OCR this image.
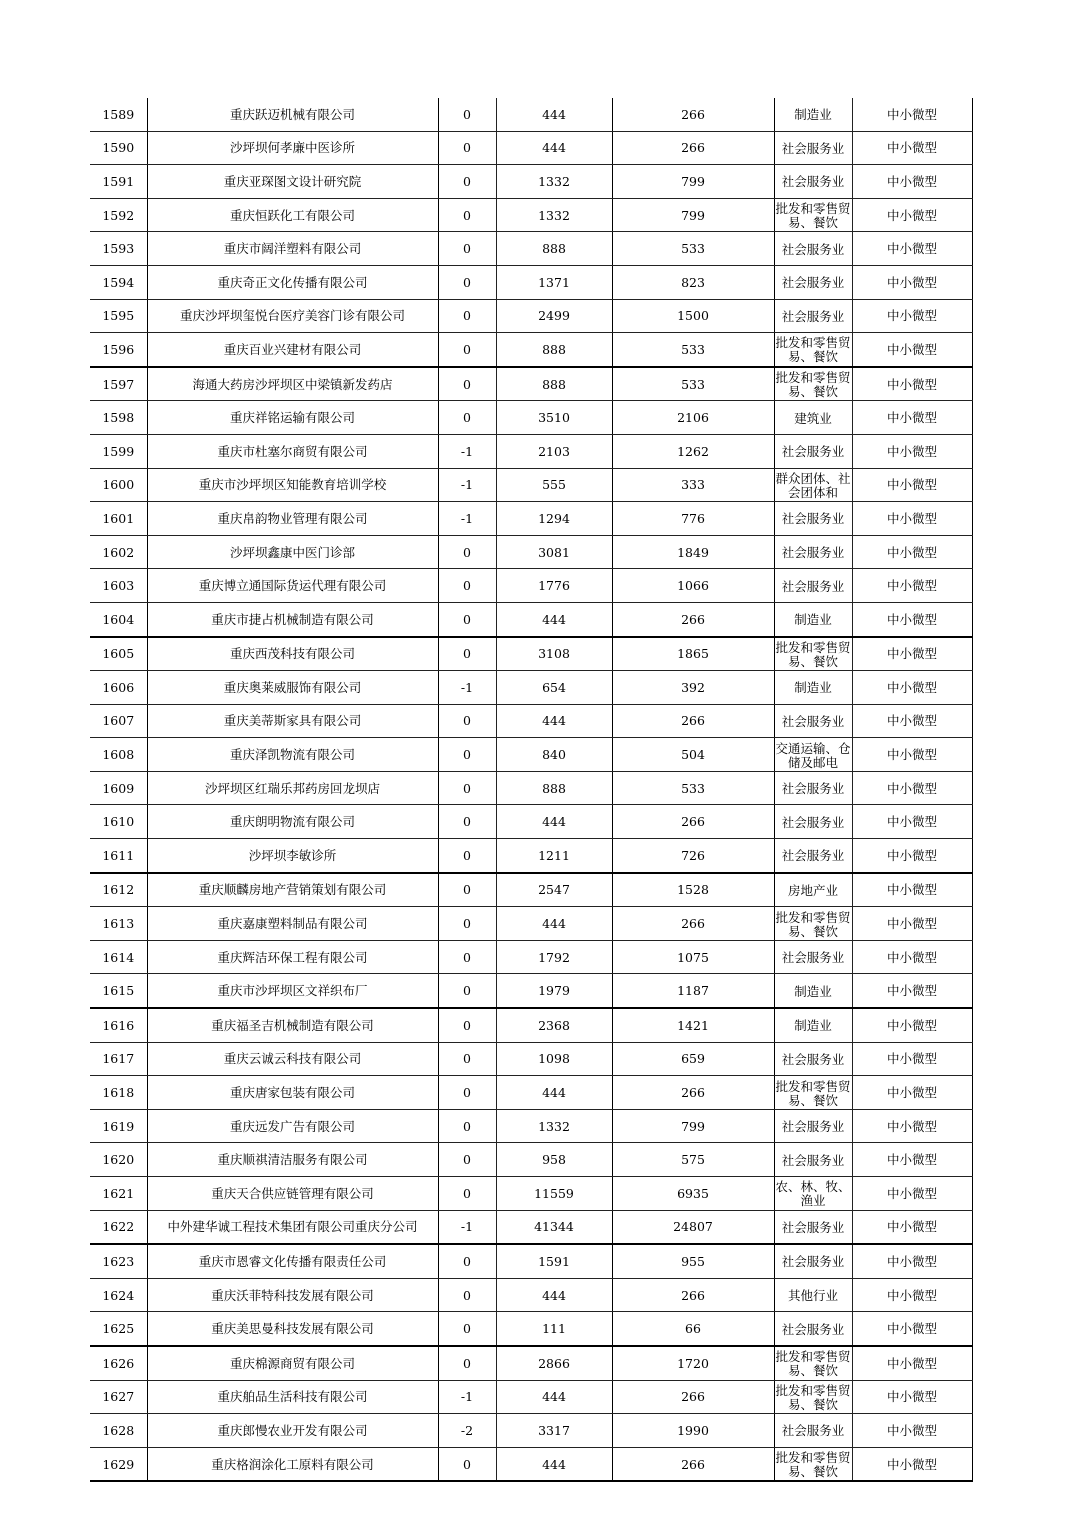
1589	重庆跃迈机械有限公司	0	444	266	制造业	中小微型
1590	沙坪坝何孝廉中医诊所	0	444	266	社会服务业	中小微型
1591	重庆亚琛图文设计研究院	0	1332	799	社会服务业	中小微型
1592	重庆恒跃化工有限公司	0	1332	799	批发和零售贸易、餐饮	中小微型
1593	重庆市阔洋塑料有限公司	0	888	533	社会服务业	中小微型
1594	重庆奇正文化传播有限公司	0	1371	823	社会服务业	中小微型
1595	重庆沙坪坝玺悦台医疗美容门诊有限公司	0	2499	1500	社会服务业	中小微型
1596	重庆百业兴建材有限公司	0	888	533	批发和零售贸易、餐饮	中小微型
1597	海通大药房沙坪坝区中梁镇新发药店	0	888	533	批发和零售贸易、餐饮	中小微型
1598	重庆祥铭运输有限公司	0	3510	2106	建筑业	中小微型
1599	重庆市杜塞尔商贸有限公司	-1	2103	1262	社会服务业	中小微型
1600	重庆市沙坪坝区知能教育培训学校	-1	555	333	群众团体、社会团体和	中小微型
1601	重庆帛韵物业管理有限公司	-1	1294	776	社会服务业	中小微型
1602	沙坪坝鑫康中医门诊部	0	3081	1849	社会服务业	中小微型
1603	重庆博立通国际货运代理有限公司	0	1776	1066	社会服务业	中小微型
1604	重庆市捷占机械制造有限公司	0	444	266	制造业	中小微型
1605	重庆西茂科技有限公司	0	3108	1865	批发和零售贸易、餐饮	中小微型
1606	重庆奥莱威服饰有限公司	-1	654	392	制造业	中小微型
1607	重庆美蒂斯家具有限公司	0	444	266	社会服务业	中小微型
1608	重庆泽凯物流有限公司	0	840	504	交通运输、仓储及邮电	中小微型
1609	沙坪坝区红瑞乐邦药房回龙坝店	0	888	533	社会服务业	中小微型
1610	重庆朗明物流有限公司	0	444	266	社会服务业	中小微型
1611	沙坪坝李敏诊所	0	1211	726	社会服务业	中小微型
1612	重庆顺麟房地产营销策划有限公司	0	2547	1528	房地产业	中小微型
1613	重庆嘉康塑料制品有限公司	0	444	266	批发和零售贸易、餐饮	中小微型
1614	重庆辉洁环保工程有限公司	0	1792	1075	社会服务业	中小微型
1615	重庆市沙坪坝区文祥织布厂	0	1979	1187	制造业	中小微型
1616	重庆福圣吉机械制造有限公司	0	2368	1421	制造业	中小微型
1617	重庆云诚云科技有限公司	0	1098	659	社会服务业	中小微型
1618	重庆唐家包装有限公司	0	444	266	批发和零售贸易、餐饮	中小微型
1619	重庆远发广告有限公司	0	1332	799	社会服务业	中小微型
1620	重庆顺祺清洁服务有限公司	0	958	575	社会服务业	中小微型
1621	重庆天合供应链管理有限公司	0	11559	6935	农、林、牧、渔业	中小微型
1622	中外建华诚工程技术集团有限公司重庆分公司	-1	41344	24807	社会服务业	中小微型
1623	重庆市恩睿文化传播有限责任公司	0	1591	955	社会服务业	中小微型
1624	重庆沃菲特科技发展有限公司	0	444	266	其他行业	中小微型
1625	重庆美思曼科技发展有限公司	0	111	66	社会服务业	中小微型
1626	重庆棉源商贸有限公司	0	2866	1720	批发和零售贸易、餐饮	中小微型
1627	重庆舶品生活科技有限公司	-1	444	266	批发和零售贸易、餐饮	中小微型
1628	重庆郎慢农业开发有限公司	-2	3317	1990	社会服务业	中小微型
1629	重庆格润涂化工原料有限公司	0	444	266	批发和零售贸易、餐饮	中小微型
